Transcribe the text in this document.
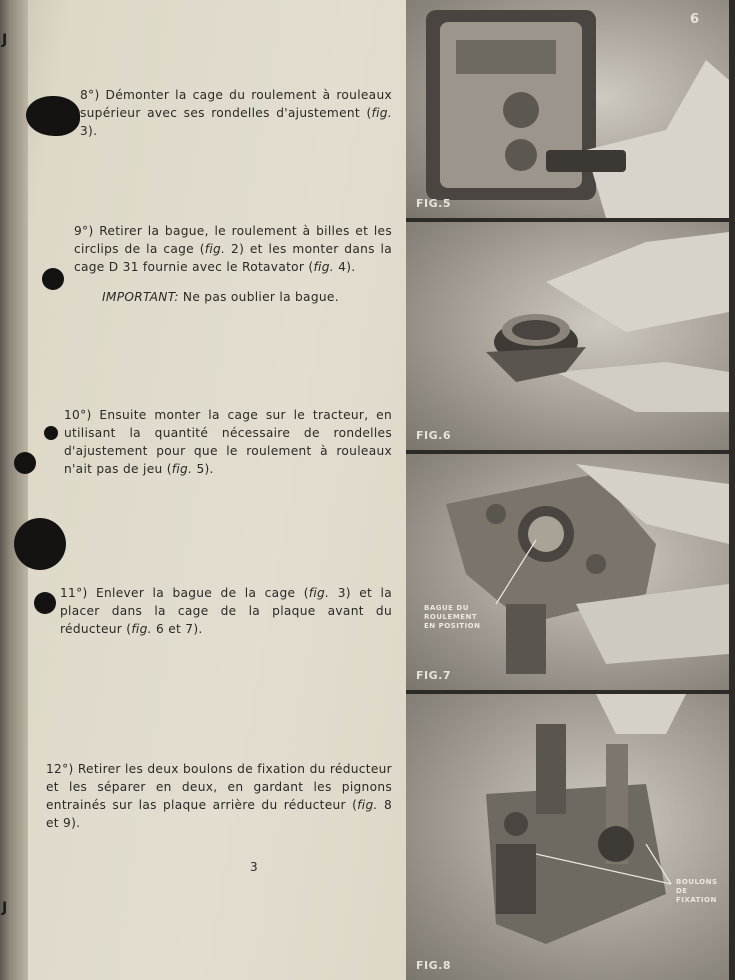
J
J
8°) Démonter la cage du roulement à rouleaux supérieur avec ses rondelles d'ajustement (fig. 3).
9°) Retirer la bague, le roulement à billes et les circlips de la cage (fig. 2) et les monter dans la cage D 31 fournie avec le Rotavator (fig. 4).
IMPORTANT: Ne pas oublier la bague.
10°) Ensuite monter la cage sur le tracteur, en utilisant la quantité nécessaire de rondelles d'ajustement pour que le roulement à rouleaux n'ait pas de jeu (fig. 5).
11°) Enlever la bague de la cage (fig. 3) et la placer dans la cage de la plaque avant du réducteur (fig. 6 et 7).
12°) Retirer les deux boulons de fixation du réducteur et les séparer en deux, en gardant les pignons entrainés sur las plaque arrière du réducteur (fig. 8 et 9).
3
6
FIG.5
FIG.6
BAGUE DU
ROULEMENT
EN POSITION
FIG.7
BOULONS
DE
FIXATION
FIG.8
